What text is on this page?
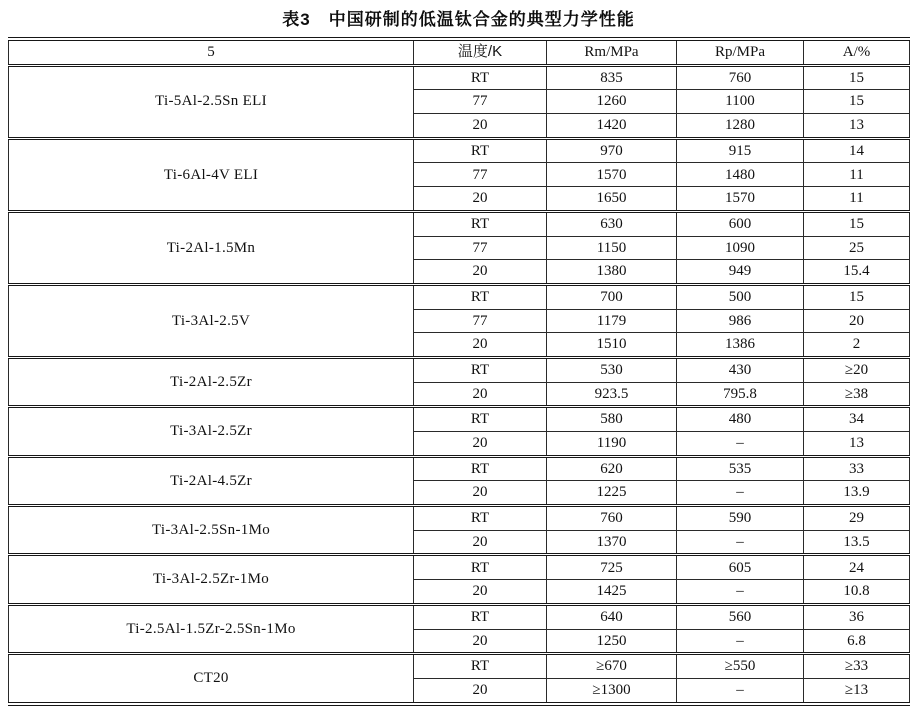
表3　中国研制的低温钛合金的典型力学性能
5	温度/K	Rm/MPa	Rp/MPa	A/%
Ti-5Al-2.5Sn ELI	RT	835	760	15
	77	1260	1100	15
	20	1420	1280	13
Ti-6Al-4V ELI	RT	970	915	14
	77	1570	1480	11
	20	1650	1570	11
Ti-2Al-1.5Mn	RT	630	600	15
	77	1150	1090	25
	20	1380	949	15.4
Ti-3Al-2.5V	RT	700	500	15
	77	1179	986	20
	20	1510	1386	2
Ti-2Al-2.5Zr	RT	530	430	≥20
	20	923.5	795.8	≥38
Ti-3Al-2.5Zr	RT	580	480	34
	20	1190	–	13
Ti-2Al-4.5Zr	RT	620	535	33
	20	1225	–	13.9
Ti-3Al-2.5Sn-1Mo	RT	760	590	29
	20	1370	–	13.5
Ti-3Al-2.5Zr-1Mo	RT	725	605	24
	20	1425	–	10.8
Ti-2.5Al-1.5Zr-2.5Sn-1Mo	RT	640	560	36
	20	1250	–	6.8
CT20	RT	≥670	≥550	≥33
	20	≥1300	–	≥13
